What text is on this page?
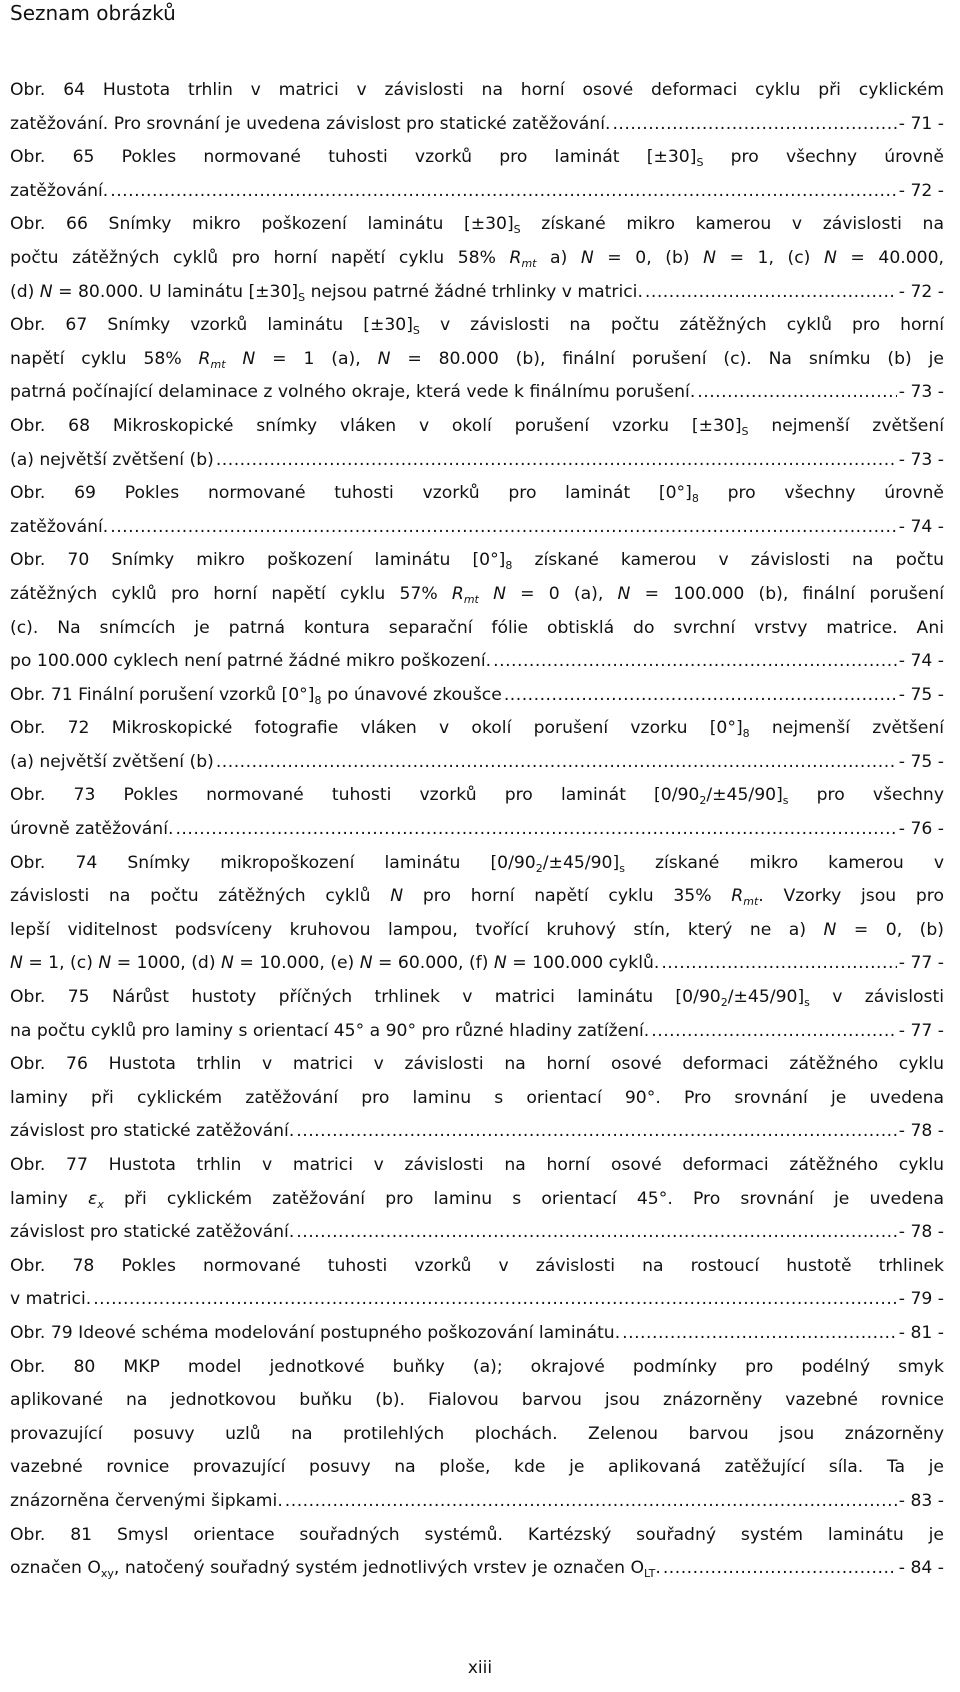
Seznam obrázků
Obr. 64 Hustota trhlin v matrici v závislosti na horní osové deformaci cyklu při cyklickém
zatěžování. Pro srovnání je uvedena závislost pro statické zatěžování. .....	- 71 -
Obr. 65 Pokles normované tuhosti vzorků pro laminát $[\pm 30]_S$ pro všechny úrovně
zatěžování. .....	- 72 -
Obr. 66 Snímky mikro poškození laminátu $[\pm 30]_S$ získané mikro kamerou v závislosti na
počtu zátěžných cyklů pro horní napětí cyklu 58% $R_{mt}$ a) N = 0, (b) N = 1, (c) N = 40.000,
(d) N = 80.000. U laminátu $[\pm 30]_S$ nejsou patrné žádné trhlinky v matrici. .....	- 72 -
Obr. 67 Snímky vzorků laminátu $[\pm 30]_S$ v závislosti na počtu zátěžných cyklů pro horní
napětí cyklu 58% $R_{mt}$ N = 1 (a), N = 80.000 (b), finální porušení (c). Na snímku (b) je
patrná počínající delaminace z volného okraje, která vede k finálnímu porušení. .....	- 73 -
Obr. 68 Mikroskopické snímky vláken v okolí porušení vzorku $[\pm 30]_S$ nejmenší zvětšení
(a) největší zvětšení (b) .....	- 73 -
Obr. 69 Pokles normované tuhosti vzorků pro laminát $[0^\circ]_8$ pro všechny úrovně
zatěžování. .....	- 74 -
Obr. 70 Snímky mikro poškození laminátu $[0^\circ]_8$ získané kamerou v závislosti na počtu
zátěžných cyklů pro horní napětí cyklu 57% $R_{mt}$ N = 0 (a), N = 100.000 (b), finální porušení
(c). Na snímcích je patrná kontura separační fólie obtisklá do svrchní vrstvy matrice. Ani
po 100.000 cyklech není patrné žádné mikro poškození. .....	- 74 -
Obr. 71 Finální porušení vzorků $[0^\circ]_8$ po únavové zkoušce .....	- 75 -
Obr. 72 Mikroskopické fotografie vláken v okolí porušení vzorku $[0^\circ]_8$ nejmenší zvětšení
(a) největší zvětšení (b) .....	- 75 -
Obr. 73 Pokles normované tuhosti vzorků pro laminát $[0/90_2/\pm 45/90]_s$ pro všechny
úrovně zatěžování. .....	- 76 -
Obr. 74 Snímky mikropoškození laminátu $[0/90_2/\pm 45/90]_s$ získané mikro kamerou v
závislosti na počtu zátěžných cyklů N pro horní napětí cyklu 35% $R_{mt}$. Vzorky jsou pro
lepší viditelnost podsvíceny kruhovou lampou, tvořící kruhový stín, který ne a) N = 0, (b)
N = 1, (c) N = 1000, (d) N = 10.000, (e) N = 60.000, (f) N = 100.000 cyklů. .....	- 77 -
Obr. 75 Nárůst hustoty příčných trhlinek v matrici laminátu $[0/90_2/\pm 45/90]_s$ v závislosti
na počtu cyklů pro laminy s orientací 45° a 90° pro různé hladiny zatížení. .....	- 77 -
Obr. 76 Hustota trhlin v matrici v závislosti na horní osové deformaci zátěžného cyklu
laminy při cyklickém zatěžování pro laminu s orientací 90°. Pro srovnání je uvedena
závislost pro statické zatěžování. .....	- 78 -
Obr. 77 Hustota trhlin v matrici v závislosti na horní osové deformaci zátěžného cyklu
laminy $\varepsilon_x$ při cyklickém zatěžování pro laminu s orientací 45°. Pro srovnání je uvedena
závislost pro statické zatěžování. .....	- 78 -
Obr. 78 Pokles normované tuhosti vzorků v závislosti na rostoucí hustotě trhlinek
v matrici. .....	- 79 -
Obr. 79 Ideové schéma modelování postupného poškozování laminátu. .....	- 81 -
Obr. 80 MKP model jednotkové buňky (a); okrajové podmínky pro podélný smyk
aplikované na jednotkovou buňku (b). Fialovou barvou jsou znázorněny vazebné rovnice
provazující posuvy uzlů na protilehlých plochách. Zelenou barvou jsou znázorněny
vazebné rovnice provazující posuvy na ploše, kde je aplikovaná zatěžující síla. Ta je
znázorněna červenými šipkami. .....	- 83 -
Obr. 81 Smysl orientace souřadných systémů. Kartézský souřadný systém laminátu je
označen $O_{xy}$, natočený souřadný systém jednotlivých vrstev je označen $O_{LT}$. .....	- 84 -
xiii
